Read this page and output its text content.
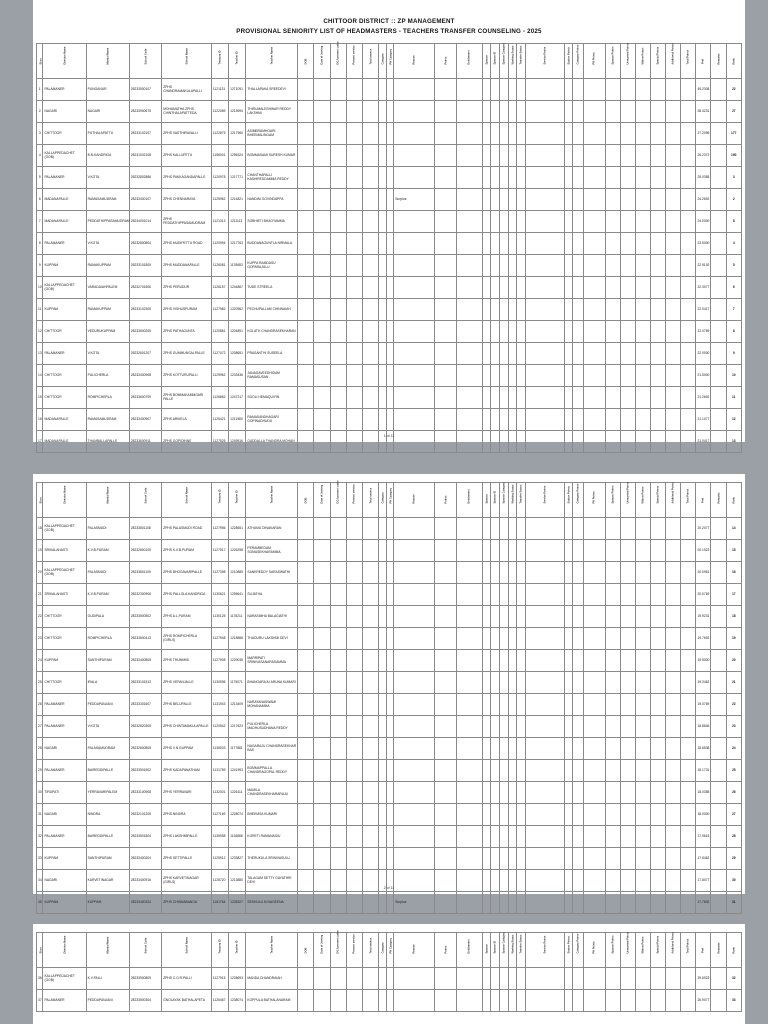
CHITTOOR DISTRICT :: ZP MANAGEMENT
PROVISIONAL SENIORITY LIST OF HEADMASTERS - TEACHERS TRANSFER COUNSELING - 2025
Sl.no	Division Name	Mandal Name	School Code	School Name	Treasury ID	Teacher ID	Teacher Name	DOB	Date of Joining	DOJ present cadre	Present service	Total service	Category	PH Category	Reason	Points	Entitlement	Spouse	Spouse ID	Spouse Category	Working Status	Transfer Status	Service Points	Station Points	Category Points	PH Points	Spouse Points	Unmarried Points	Widow Points	Special Points	Additional Points	Total Points	Pref	Remarks	Rank

1	PALAMANER	PUNGANUR	28233500107	ZPHS CHANDRAMAKULAPALLI	1121131	1271091	THALLAPAKA SREEDEVI																										45.2308		22
2	NAGARI	NAGARI	28233900675	MOHAMATHA ZPHS CHINTHALAPATTEDA	1122089	1215994	THIRUMALESHWAR REDDY LAKSHMI																										28.4231		27
3	CHITTOOR	PUTHALAPATTU	28233102107	ZPHS VASTHIRAVALLI	1122879	1217960	ASIMBRAMHGARI BHEEMALINGAM																										27.2096		177
4	KALLAPPEDACHET (GOB)	B.N.KANDRIGA	28231002108	ZPHS KALLURTTU	1156001	1256324	BOMMASAMI SURESH KUMAR																										26.2372		190
5	PALAMANER	V.KOTA	28232802886	ZPHS PAKKAGANDAPALLE	1120978	1217771	CHANTHAPALLI KASHIREDDAMMA REDDY																										25.0385		3
6	MADANAPALLE	RAMASAMUDRAM	28233400107	ZPHS CHENNARAYA	1125962	1214821	NANDINI GOVINDAPPA								Surplus																		24.2692		2
7	MADANAPALLE	PEDDATHIPPASAMUDRAM	28234001014	ZPHS PEDDATHIPPASAMUDRAM	1121313	1211113	SOBHIETI BHAGYAMMA																										24.0000		8
8	PALAMANER	V.KOTA	28232800804	ZPHS MUDIPETTU ROAD	1120994	1217763	BUDDANAGUNTLA NIRMALA																										23.5000		4
9	KUPPAM	RAMAKUPPAM	28233101805	ZPHS MUDDANAPALLE	1126081	1178683	KUPPA RAMDASU GOPARAJULU																										22.5192		5
10	KALLAPPEDACHET (GOB)	VARADAIAHPALEM	28232701506	ZPHS PERUDUR	1126157	1244867	TUDE STREELA																										22.3077		6
11	KUPPAM	RAMAKUPPAM	28233102305	ZPHS VISHUSPURAM	1127982	1220962	PECHUPALLAM CHINNAIAH																										22.0417		7
12	CHITTOOR	VEDURUKUPPAM	28233600205	ZPHS PATHAGUNTA	1120881	1204891	KOLATH CHANDRASEKHARAN																										22.0769		8
13	PALAMANER	V.KOTA	28232601207	ZPHS GUMMUNGALPALLE	1127472	1208651	PRASANTHI SUSEELA																										22.0000		9
14	CHITTOOR	PULICHERLA	28233400908	ZPHS KOTTURUPALLI	1129962	1233436	JANAGAVEEDHIDAM RAMASUSAN																										21.5000		10
15	CHITTOOR	ROMPICHERLA	28233600709	ZPHS BOMMAKAMMGARI PALLE	1126862	1247217	SOOLI HEMAQUIYIN																										21.2692		11
16	MADANAPALLE	RAMASAMUDRAM	28233400907	ZPHS ARIKELA	1125421	1211580	RAMASANDHAGARI GOPINADHUDU																										21.1077		12
17	MADANAPALLE	THAMBALLAPALLE	28233600911	ZPHS GOPIDINNE	1127525	1249516	GADDALLA THANDRA MOHAN																										21.0417		13
1 of 11
Sl.no	Division Name	Mandal Name	School Code	School Name	Treasury ID	Teacher ID	Teacher Name	DOB	Date of Joining	DOJ present cadre	Present service	Total service	Category	PH Category	Reason	Points	Entitlement	Spouse	Spouse ID	Spouse Category	Working Status	Transfer Status	Service Points	Station Points	Category Points	PH Points	Spouse Points	Unmarried Points	Widow Points	Special Points	Additional Points	Total Points	Pref	Remarks	Rank

18	KALLAPPEDACHET (GOB)	PALASMUDI	28233801108	ZPHS PALASMUDI ROAD	1127956	1228651	ATHUMU DINAKARAN																										20.2077		14
19	SRIKALAHASTI	K.V.B.PURAM	28232800105	ZPHS K.V.B.PURAM	1127517	1226298	PERAMBEDAM SOMASEKHARAMMA																										20.1923		15
20	KALLAPPEDACHET (GOB)	PALASMUDI	28233801109	ZPHS BHOGAVARIPALLE	1127398	1210885	SANKREDDY SARASWATHI																										20.0961		16
21	SRIKALAHASTI	K.V.B.PURAM	28232300906	ZPHS PALLOLA KANDRIGA	1130621	1255641	SUJATHA																										20.0769		17
22	CHITTOOR	GUDIPALA	28233500502	ZPHS A.L.PURAM	1130125	1178211	NARASIMHA BALAGIATHI																										19.9231		18
23	CHITTOOR	ROMPICHERLA	28233600413	ZPHS ROMPICHERLA (GIRLS)	1127948	1218886	THUDURU LAKSHMI DEVI																										19.7692		19
24	KUPPAM	SANTHIPURAM	28233400805	ZPHS THUMMISI	1127908	1229035	MARRIPATI SRINIVASANARASAMMA																										19.5000		20
25	CHITTOOR	IRALA	28233101513	ZPHS VEPANJALLE	1130595	1175071	BHANGARAJU ARUNA KUMARI																										19.3462		21
26	PALAMANER	PEDDAPANJANI	28233301607	ZPHS BELUPALLE	1131943	1213409	NARAYANASWAMI MOHANAMMA																										19.0769		22
27	PALAMANER	V.KOTA	28232820305	ZPHS CHINTAMAKULAPALLE	1120542	1217623	PULICHERLA MADHUSUDHANA REDDY																										18.8846		23
28	NAGARI	PALASAMUDRAM	28232800805	ZPHS V.N.GUPPAM	1138003	1177881	NAGARAJU CHANDRASEKHAR BAS																										18.6538		24
29	PALAMANER	BAIREDDIPALLE	28233501502	ZPHS KADAPANATHAM	1131789	1241993	BOMMAPPALLA CHANDRAGOPAL REDDY																										18.1731		25
30	TIRUPATI	YERRAVARIPALEM	28233100908	ZPHS YERRAVARI	1132001	1226111	MAMILA CHANDRASEKHARARAJU																										18.0385		26
31	NAGARI	NINDRA	28232101205	ZPHS NINDRA	1127169	1228074	BHEEMSA KUMARI																										18.0000		27
32	PALAMANER	BAIREDDIPALLE	28233501804	ZPHS LAKSHMIPALLE	1135958	1126886	KORETI RAMANAIDU																										17.9615		28
33	KUPPAM	SANTHIPURAM	28233400204	ZPHS SETTIPALLE	1125912	1233827	THERUKULA SRINIVASULU																										17.8462		29
34	NAGARI	KARVETINAGAR	28233400916	ZPHS KARVETINAGAR (GIRLS)	1128720	1213880	TALAGAM SETTY GAYATHRI DEVI																										17.8077		30
35	KUPPAM	KUPPAM	28233400324	ZPHS CHINNABANGA	1161764	1235327	SESHULU M NAGEENA								Surplus																		17.7692		31
2 of 11
Sl.no	Division Name	Mandal Name	School Code	School Name	Treasury ID	Teacher ID	Teacher Name	DOB	Date of Joining	DOJ present cadre	Present service	Total service	Category	PH Category	Reason	Points	Entitlement	Spouse	Spouse ID	Spouse Category	Working Status	Transfer Status	Service Points	Station Points	Category Points	PH Points	Spouse Points	Unmarried Points	Widow Points	Special Points	Additional Points	Total Points	Pref	Remarks	Rank

36	KALLAPPEDACHET (GOB)	K.V.PALLI	28233900809	ZPHS C.G.R.PALLI	1127915	1228693	MANDA CHANDRAIAH																										29.6923		32
37	PALAMANER	PEDDAPANJANI	28233500304	GNOLAYAK BATHALAPETA	1126467	1238074	KOPPULA BATHALANARAM																										26.9077		33
